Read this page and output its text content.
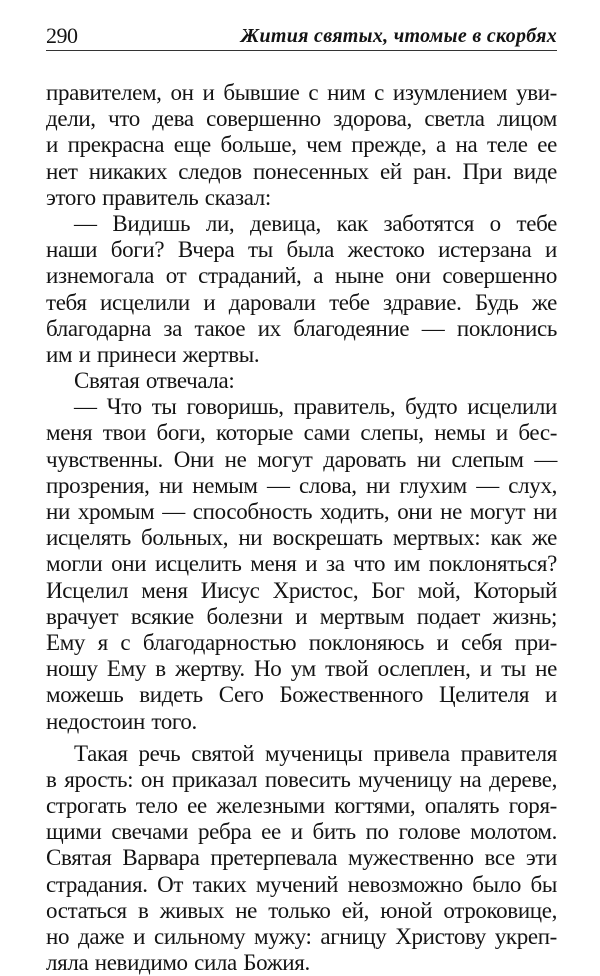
290	Жития святых, чтомые в скорбях
правителем, он и бывшие с ним с изумлением уви-
дели, что дева совершенно здорова, светла лицом
и прекрасна еще больше, чем прежде, а на теле ее
нет никаких следов понесенных ей ран. При виде
этого правитель сказал:
— Видишь ли, девица, как заботятся о тебе
наши боги? Вчера ты была жестоко истерзана и
изнемогала от страданий, а ныне они совершенно
тебя исцелили и даровали тебе здравие. Будь же
благодарна за такое их благодеяние — поклонись
им и принеси жертвы.
Святая отвечала:
— Что ты говоришь, правитель, будто исцелили
меня твои боги, которые сами слепы, немы и бес-
чувственны. Они не могут даровать ни слепым —
прозрения, ни немым — слова, ни глухим — слух,
ни хромым — способность ходить, они не могут ни
исцелять больных, ни воскрешать мертвых: как же
могли они исцелить меня и за что им поклоняться?
Исцелил меня Иисус Христос, Бог мой, Который
врачует всякие болезни и мертвым подает жизнь;
Ему я с благодарностью поклоняюсь и себя при-
ношу Ему в жертву. Но ум твой ослеплен, и ты не
можешь видеть Сего Божественного Целителя и
недостоин того.
Такая речь святой мученицы привела правителя
в ярость: он приказал повесить мученицу на дереве,
строгать тело ее железными когтями, опалять горя-
щими свечами ребра ее и бить по голове молотом.
Святая Варвара претерпевала мужественно все эти
страдания. От таких мучений невозможно было бы
остаться в живых не только ей, юной отроковице,
но даже и сильному мужу: агницу Христову укреп-
ляла невидимо сила Божия.
